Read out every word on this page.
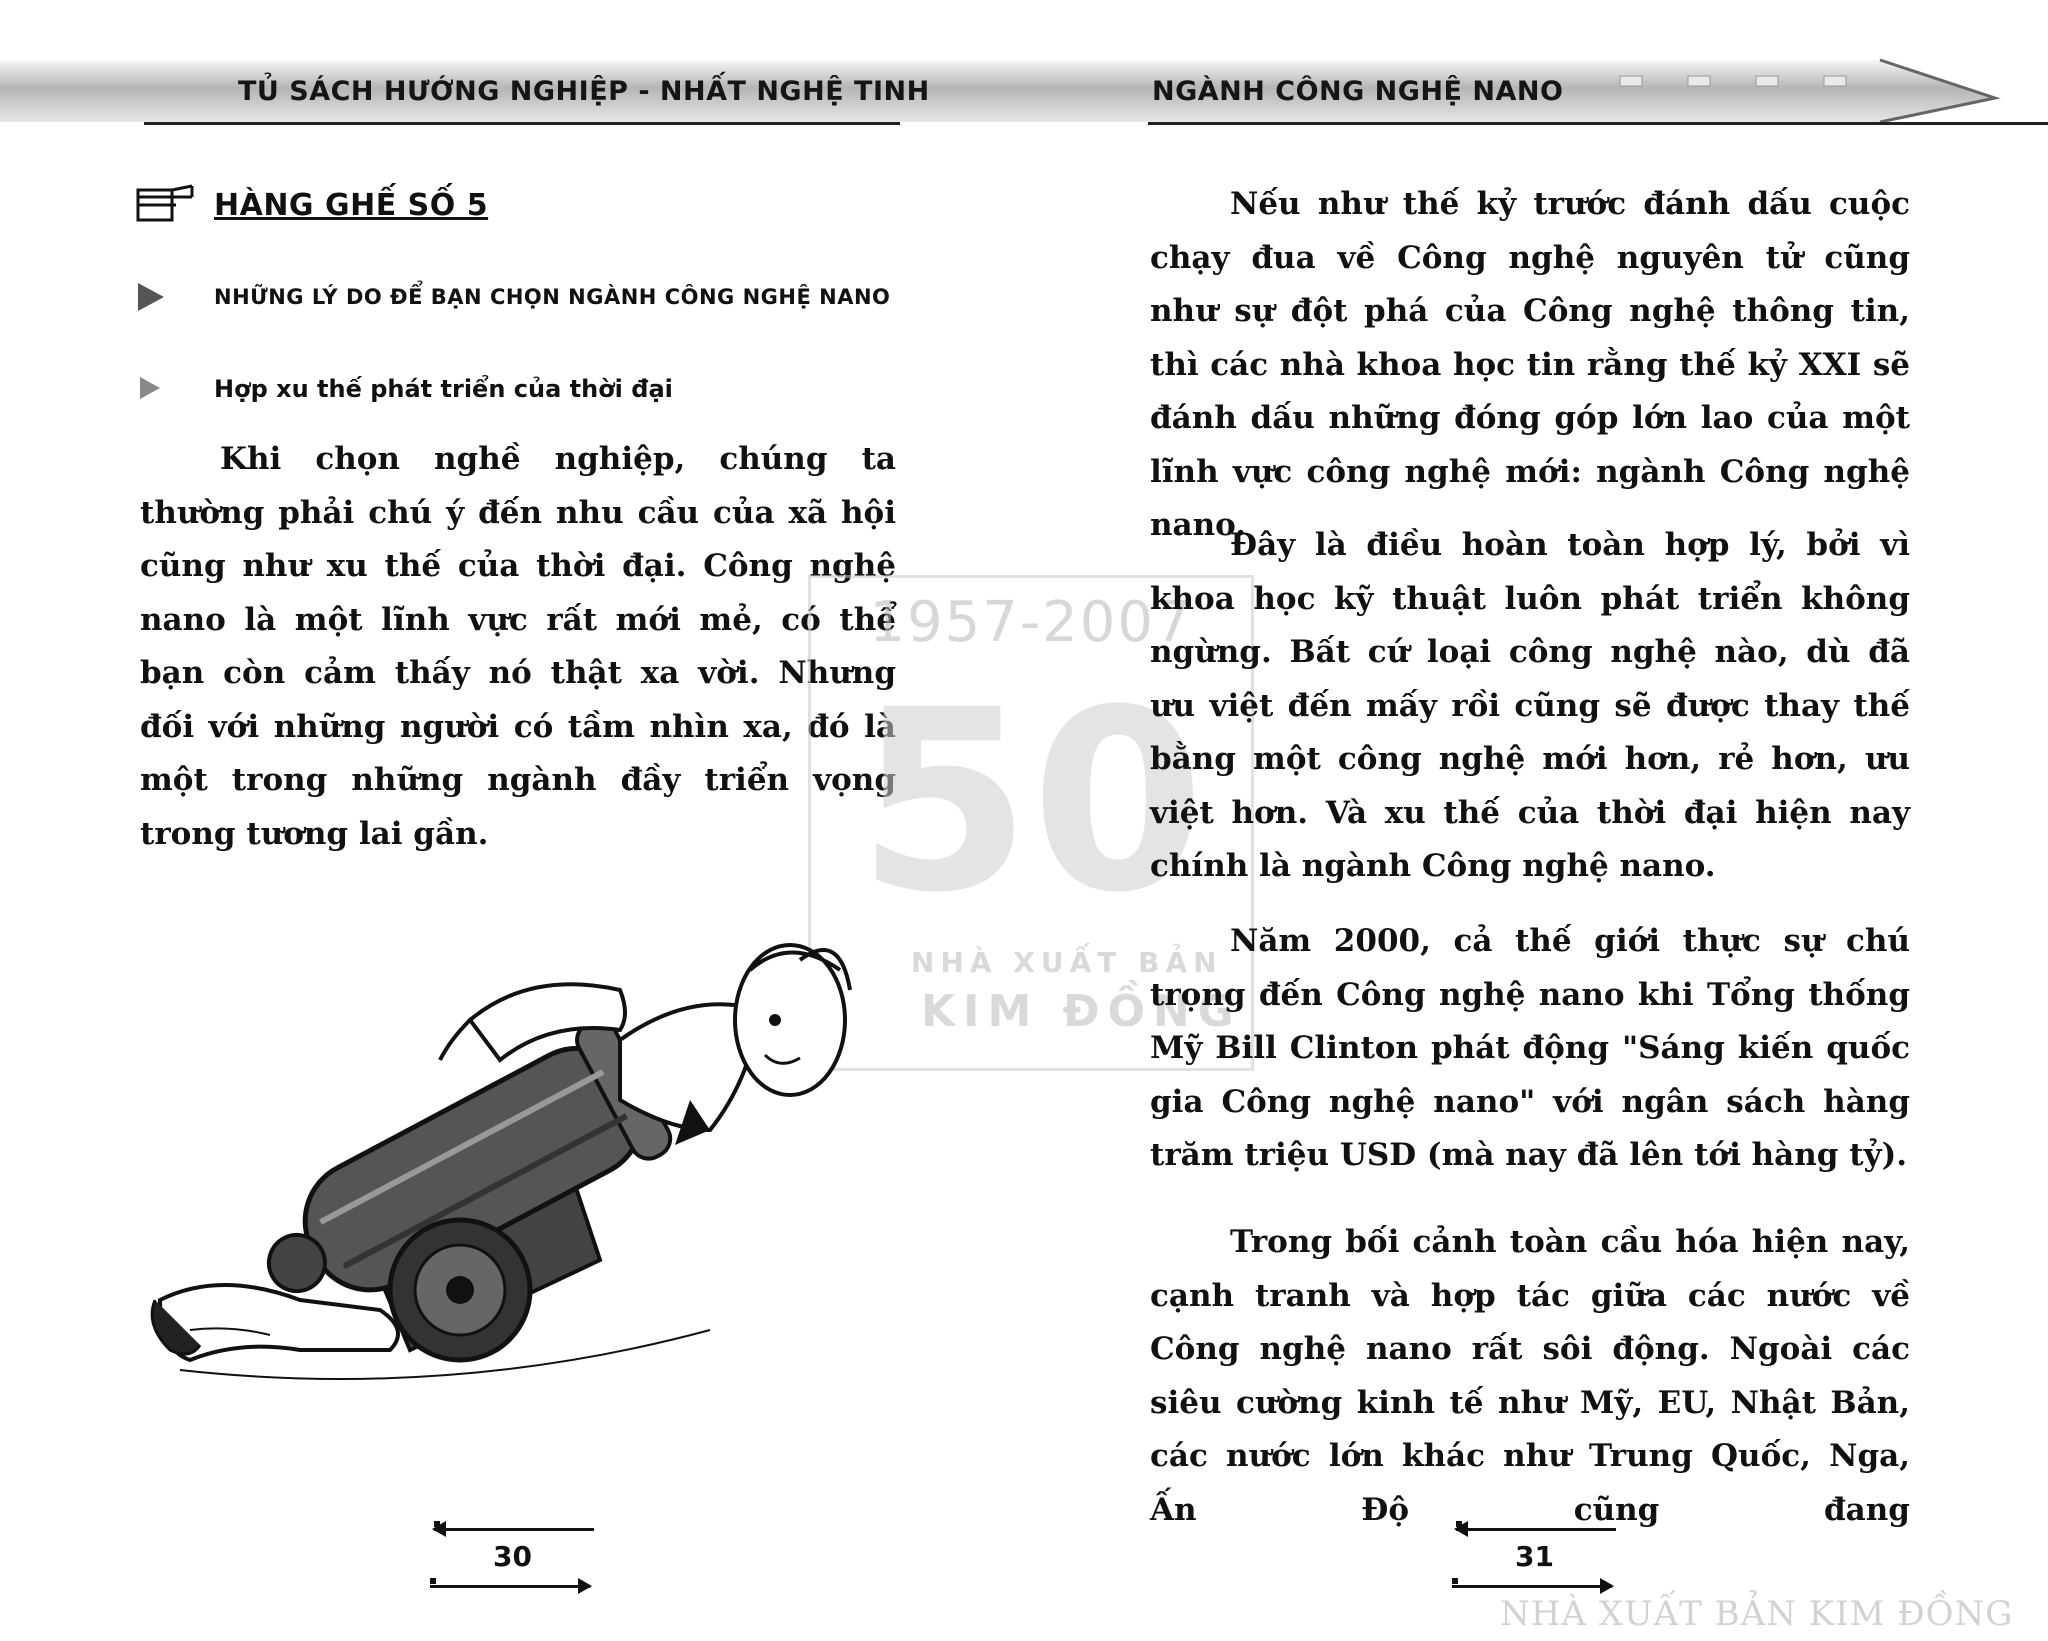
TỦ SÁCH HƯỚNG NGHIỆP - NHẤT NGHỆ TINH	NGÀNH CÔNG NGHỆ NANO
HÀNG GHẾ SỐ 5
NHỮNG LÝ DO ĐỂ BẠN CHỌN NGÀNH CÔNG NGHỆ NANO
Hợp xu thế phát triển của thời đại

Khi chọn nghề nghiệp, chúng ta thường phải chú ý đến nhu cầu của xã hội cũng như xu thế của thời đại. Công nghệ nano là một lĩnh vực rất mới mẻ, có thể bạn còn cảm thấy nó thật xa vời. Nhưng đối với những người có tầm nhìn xa, đó là một trong những ngành đầy triển vọng trong tương lai gần.

1957-2007
50
NHÀ XUẤT BẢN
KIM ĐỒNG

Nếu như thế kỷ trước đánh dấu cuộc chạy đua về Công nghệ nguyên tử cũng như sự đột phá của Công nghệ thông tin, thì các nhà khoa học tin rằng thế kỷ XXI sẽ đánh dấu những đóng góp lớn lao của một lĩnh vực công nghệ mới: ngành Công nghệ nano.

Đây là điều hoàn toàn hợp lý, bởi vì khoa học kỹ thuật luôn phát triển không ngừng. Bất cứ loại công nghệ nào, dù đã ưu việt đến mấy rồi cũng sẽ được thay thế bằng một công nghệ mới hơn, rẻ hơn, ưu việt hơn. Và xu thế của thời đại hiện nay chính là ngành Công nghệ nano.

Năm 2000, cả thế giới thực sự chú trọng đến Công nghệ nano khi Tổng thống Mỹ Bill Clinton phát động "Sáng kiến quốc gia Công nghệ nano" với ngân sách hàng trăm triệu USD (mà nay đã lên tới hàng tỷ).

Trong bối cảnh toàn cầu hóa hiện nay, cạnh tranh và hợp tác giữa các nước về Công nghệ nano rất sôi động. Ngoài các siêu cường kinh tế như Mỹ, EU, Nhật Bản, các nước lớn khác như Trung Quốc, Nga, Ấn Độ cũng đang

30	31
NHÀ XUẤT BẢN KIM ĐỒNG
